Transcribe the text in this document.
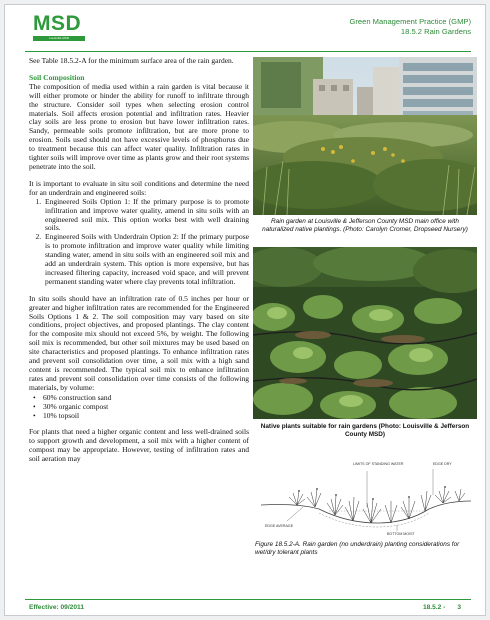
MSD
Louisville MSD
Green Management Practice (GMP)
18.5.2 Rain Gardens

See Table 18.5.2-A for the minimum surface area of the rain garden.

Soil Composition

The composition of media used within a rain garden is vital because it will either promote or hinder the ability for runoff to infiltrate through the structure. Consider soil types when selecting erosion control materials. Soil affects erosion potential and infiltration rates. Heavier clay soils are less prone to erosion but have lower infiltration rates. Sandy, permeable soils promote infiltration, but are more prone to erosion. Soils used should not have excessive levels of phosphorus due to treatment because this can affect water quality. Infiltration rates in tighter soils will improve over time as plants grow and their root systems penetrate into the soil.

It is important to evaluate in situ soil conditions and determine the need for an underdrain and engineered soils:

1. Engineered Soils Option 1: If the primary purpose is to promote infiltration and improve water quality, amend in situ soils with an engineered soil mix. This option works best with well draining soils.
2. Engineered Soils with Underdrain Option 2: If the primary purpose is to promote infiltration and improve water quality while limiting standing water, amend in situ soils with an engineered soil mix and add an underdrain system. This option is more expensive, but has increased filtering capacity, increased void space, and will prevent permanent standing water where clay prevents total infiltration.

In situ soils should have an infiltration rate of 0.5 inches per hour or greater and higher infiltration rates are recommended for the Engineered Soils Options 1 & 2. The soil composition may vary based on site conditions, project objectives, and proposed plantings. The clay content for the composite mix should not exceed 5%, by weight. The following soil mix is recommended, but other soil mixtures may be used based on site characteristics and proposed plantings. To enhance infiltration rates and prevent soil consolidation over time, a soil mix with a high sand content is recommended. The typical soil mix to enhance infiltration rates and prevent soil consolidation over time consists of the following materials, by volume:

• 60% construction sand
• 30% organic compost
• 10% topsoil

For plants that need a higher organic content and less well-drained soils to support growth and development, a soil mix with a higher content of compost may be appropriate. However, testing of infiltration rates and soil aeration may

Rain garden at Louisville & Jefferson County MSD main office with naturalized native plantings. (Photo: Carolyn Cromer, Dropseed Nursery)
Native plants suitable for rain gardens (Photo: Louisville & Jefferson County MSD)
LIMITS OF STANDING WATER	EDGE DRY
BOTTOM MOIST
EDGE AVERAGE
Figure 18.5.2-A. Rain garden (no underdrain) planting considerations for wet/dry tolerant plants
Effective: 09/2011	18.5.2 - 3
